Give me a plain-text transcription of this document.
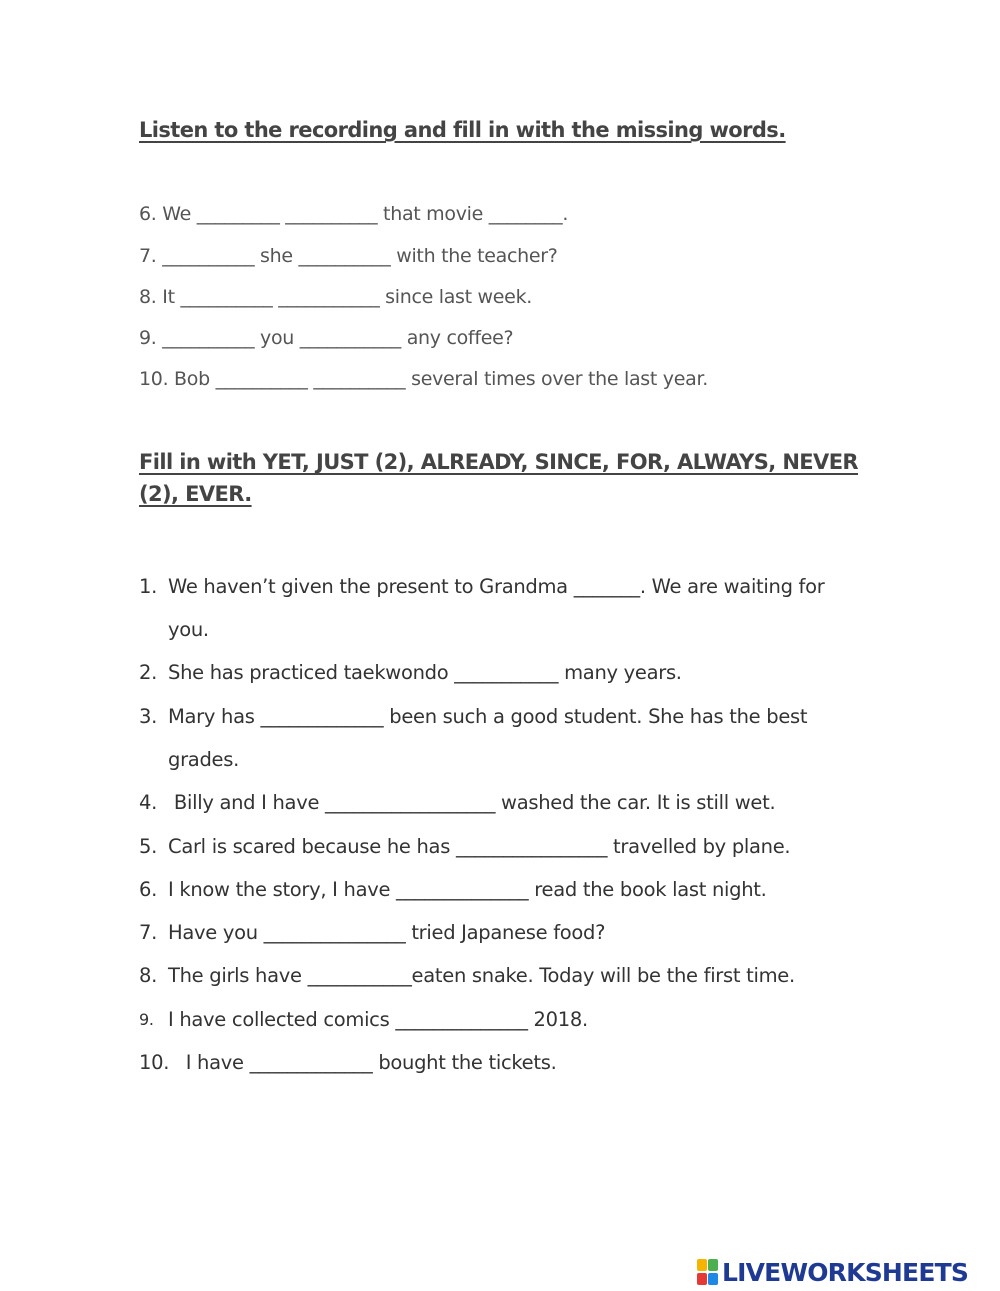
Listen to the recording and fill in with the missing words.
6. We _________ __________ that movie ________.
7. __________ she __________ with the teacher?
8. It __________ ___________ since last week.
9. __________ you ___________ any coffee?
10. Bob __________ __________ several times over the last year.
Fill in with YET, JUST (2), ALREADY, SINCE, FOR, ALWAYS, NEVER (2), EVER.
1. We haven’t given the present to Grandma _______. We are waiting for you.
2. She has practiced taekwondo ___________ many years.
3. Mary has _____________ been such a good student. She has the best grades.
4. Billy and I have __________________ washed the car. It is still wet.
5. Carl is scared because he has ________________ travelled by plane.
6. I know the story, I have ______________ read the book last night.
7. Have you _______________ tried Japanese food?
8. The girls have ___________eaten snake. Today will be the first time.
9. I have collected comics ______________ 2018.
10.
I have _____________ bought the tickets.
LIVEWORKSHEETS
